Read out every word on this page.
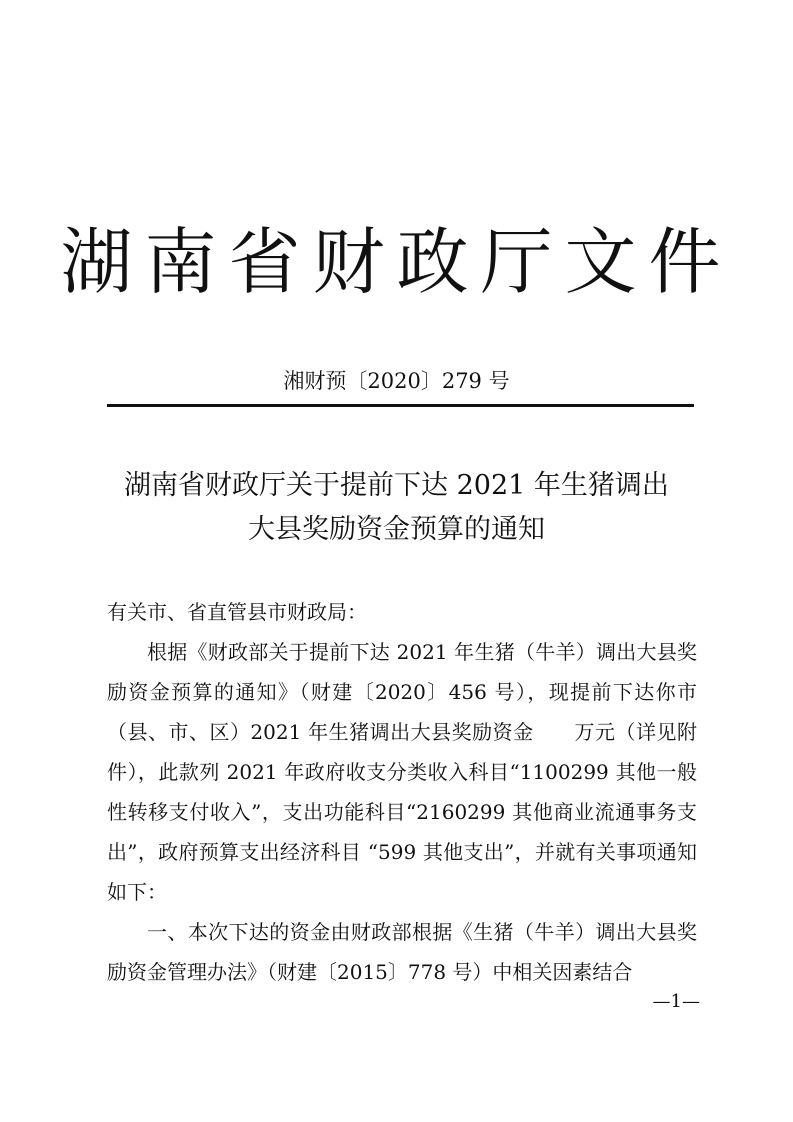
湖南省财政厅文件
湘财预〔2020〕279 号
湖南省财政厅关于提前下达 2021 年生猪调出
大县奖励资金预算的通知

有关市、省直管县市财政局：

根据《财政部关于提前下达 2021 年生猪（牛羊）调出大县奖励资金预算的通知》（财建〔2020〕456 号），现提前下达你市（县、市、区）2021 年生猪调出大县奖励资金　　万元（详见附件），此款列 2021 年政府收支分类收入科目“1100299 其他一般性转移支付收入”，支出功能科目“2160299 其他商业流通事务支出”，政府预算支出经济科目 “599 其他支出”，并就有关事项通知如下：

一、本次下达的资金由财政部根据《生猪（牛羊）调出大县奖励资金管理办法》（财建〔2015〕778 号）中相关因素结合

—1—
